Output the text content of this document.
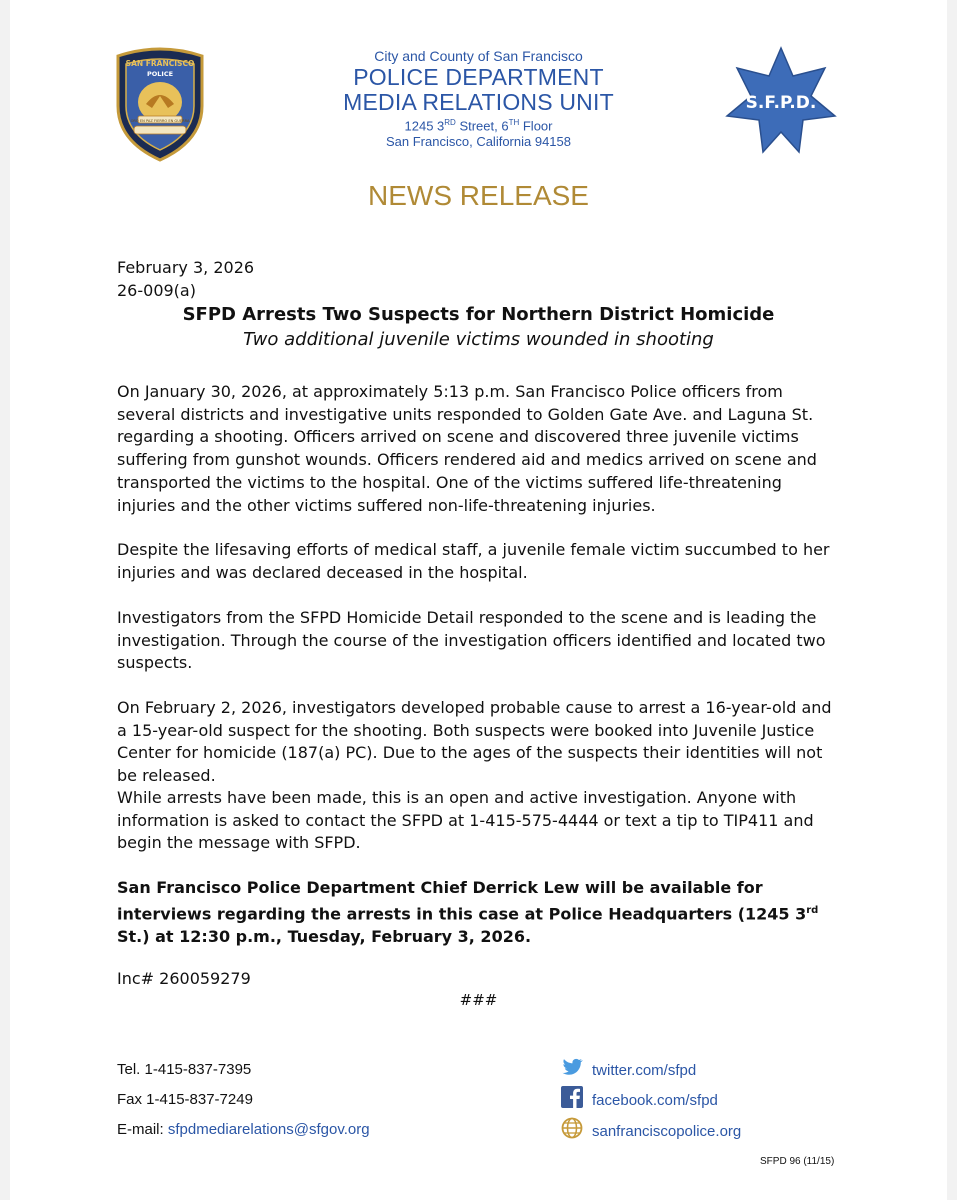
SAN FRANCISCO
POLICE
ORO EN PAZ FIERRO EN GUERRA
City and County of San Francisco
POLICE DEPARTMENT
MEDIA RELATIONS UNIT
1245 3RD Street, 6TH Floor
San Francisco, California 94158
S.F.P.D.
NEWS RELEASE
February 3, 2026
26-009(a)
SFPD Arrests Two Suspects for Northern District Homicide
Two additional juvenile victims wounded in shooting
On January 30, 2026, at approximately 5:13 p.m. San Francisco Police officers from several districts and investigative units responded to Golden Gate Ave. and Laguna St. regarding a shooting. Officers arrived on scene and discovered three juvenile victims suffering from gunshot wounds. Officers rendered aid and medics arrived on scene and transported the victims to the hospital. One of the victims suffered life-threatening injuries and the other victims suffered non-life-threatening injuries.
Despite the lifesaving efforts of medical staff, a juvenile female victim succumbed to her injuries and was declared deceased in the hospital.
Investigators from the SFPD Homicide Detail responded to the scene and is leading the investigation. Through the course of the investigation officers identified and located two suspects.
On February 2, 2026, investigators developed probable cause to arrest a 16-year-old and a 15-year-old suspect for the shooting. Both suspects were booked into Juvenile Justice Center for homicide (187(a) PC). Due to the ages of the suspects their identities will not be released.
While arrests have been made, this is an open and active investigation. Anyone with information is asked to contact the SFPD at 1-415-575-4444 or text a tip to TIP411 and begin the message with SFPD.
San Francisco Police Department Chief Derrick Lew will be available for interviews regarding the arrests in this case at Police Headquarters (1245 3rd St.) at 12:30 p.m., Tuesday, February 3, 2026.
Inc# 260059279
###
Tel. 1-415-837-7395
Fax 1-415-837-7249
E-mail: sfpdmediarelations@sfgov.org
twitter.com/sfpd
facebook.com/sfpd
sanfranciscopolice.org
SFPD 96 (11/15)
